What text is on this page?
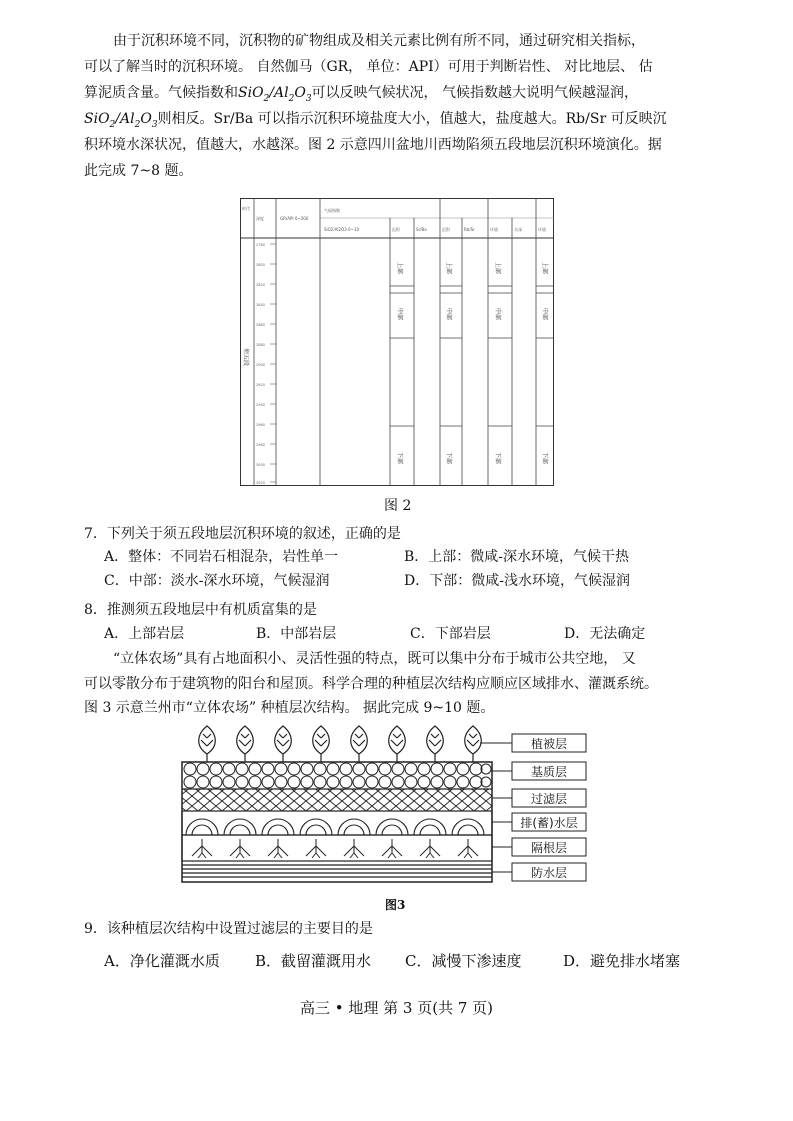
由于沉积环境不同，沉积物的矿物组成及相关元素比例有所不同，通过研究相关指标，
可以了解当时的沉积环境。 自然伽马（GR， 单位：API）可用于判断岩性、 对比地层、 估
算泥质含量。气候指数和$SiO_2/Al_2O_3$可以反映气候状况， 气候指数越大说明气候越湿润，
$SiO_2/Al_2O_3$则相反。Sr/Ba 可以指示沉积环境盐度大小，值越大，盐度越大。Rb/Sr 可反映沉
积环境水深状况，值越大，水越深。图 2 示意四川盆地川西坳陷须五段地层沉积环境演化。据
此完成 7~8 题。
时代
深度	GR/API 0~200
气候指数
SiO2/Al2O3 0~10	沉积	Sr/Ba	沉积	Rb/Sr	环境	水深	环境
2780
2800
2820
2840
2860
2880
2900
2920
2940
2960
2980
3000
3020
须五段
上部
中部
下部
上部
中部
下部
上部
中部
下部
上部
中部
下部
图 2
7．下列关于须五段地层沉积环境的叙述，正确的是
A．整体：不同岩石相混杂，岩性单一	B．上部：微咸-深水环境，气候干热
C．中部：淡水-深水环境，气候湿润	D．下部：微咸-浅水环境，气候湿润
8．推测须五段地层中有机质富集的是
A．上部岩层	B．中部岩层	C．下部岩层	D．无法确定
“立体农场”具有占地面积小、灵活性强的特点，既可以集中分布于城市公共空地， 又
可以零散分布于建筑物的阳台和屋顶。科学合理的种植层次结构应顺应区域排水、灌溉系统。
图 3 示意兰州市“立体农场” 种植层次结构。 据此完成 9~10 题。
植被层
基质层
过滤层
排(蓄)水层
隔根层
防水层
图3
9．该种植层次结构中设置过滤层的主要目的是
A．净化灌溉水质 B．截留灌溉用水 C．减慢下渗速度	D．避免排水堵塞
高三 • 地理 第 3 页(共 7 页)
